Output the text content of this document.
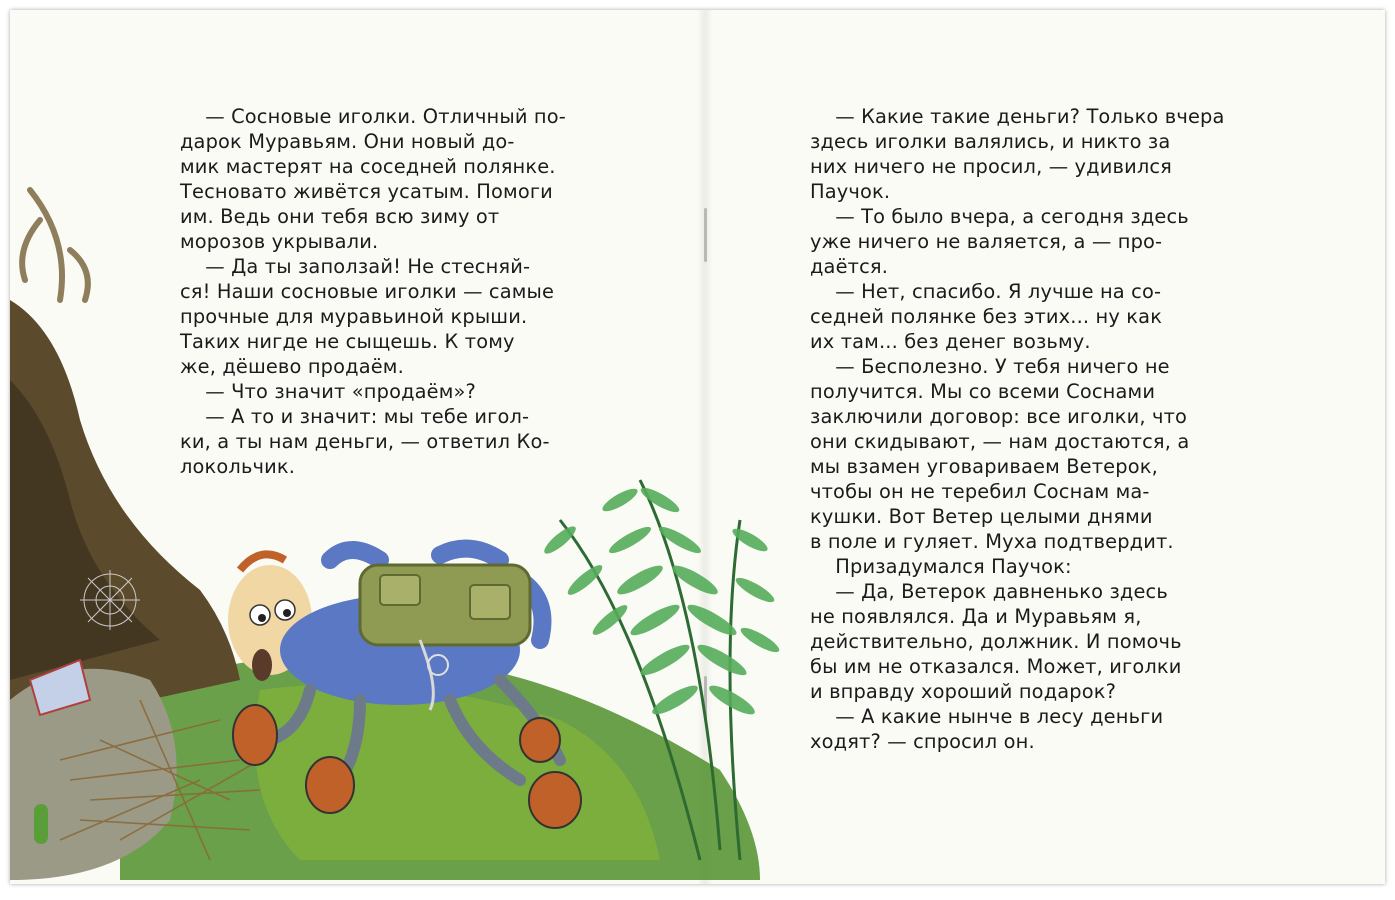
— Сосновые иголки. Отличный по-

дарок Муравьям. Они новый до-

мик мастерят на соседней полянке.

Тесновато живётся усатым. Помоги

им. Ведь они тебя всю зиму от

морозов укрывали.

— Да ты заползай! Не стесняй-

ся! Наши сосновые иголки — самые

прочные для муравьиной крыши.

Таких нигде не сыщешь. К тому

же, дёшево продаём.

— Что значит «продаём»?

— А то и значит: мы тебе игол-

ки, а ты нам деньги, — ответил Ко-

локольчик.

— Какие такие деньги? Только вчера

здесь иголки валялись, и никто за

них ничего не просил, — удивился

Паучок.

— То было вчера, а сегодня здесь

уже ничего не валяется, а — про-

даётся.

— Нет, спасибо. Я лучше на со-

седней полянке без этих... ну как

их там... без денег возьму.

— Бесполезно. У тебя ничего не

получится. Мы со всеми Соснами

заключили договор: все иголки, что

они скидывают, — нам достаются, а

мы взамен уговариваем Ветерок,

чтобы он не теребил Соснам ма-

кушки. Вот Ветер целыми днями

в поле и гуляет. Муха подтвердит.

Призадумался Паучок:

— Да, Ветерок давненько здесь

не появлялся. Да и Муравьям я,

действительно, должник. И помочь

бы им не отказался. Может, иголки

и вправду хороший подарок?

— А какие нынче в лесу деньги

ходят? — спросил он.
